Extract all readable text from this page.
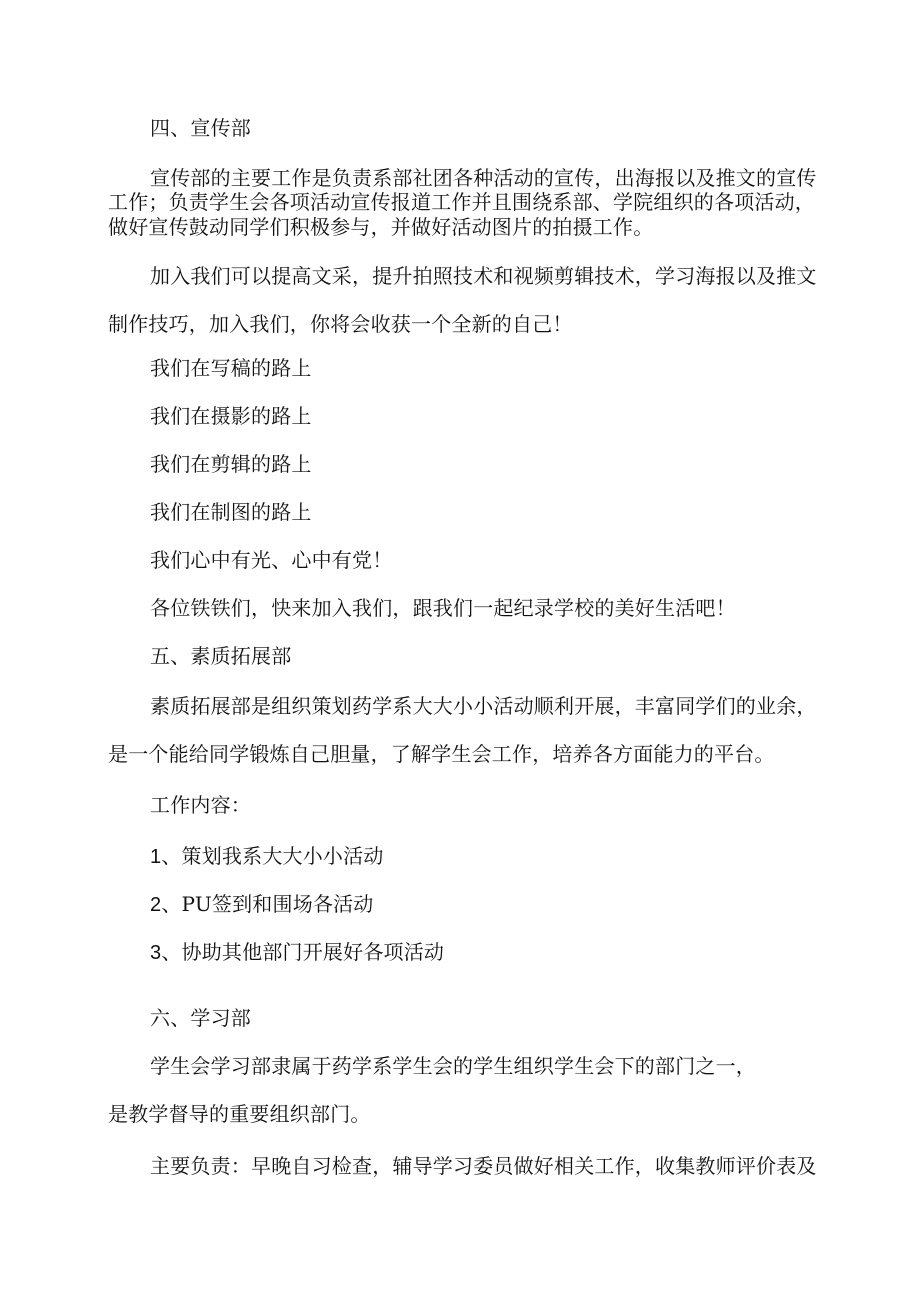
四、宣传部
宣传部的主要工作是负责系部社团各种活动的宣传，出海报以及推文的宣传
工作；负责学生会各项活动宣传报道工作并且围绕系部、学院组织的各项活动，
做好宣传鼓动同学们积极参与，并做好活动图片的拍摄工作。
加入我们可以提高文采，提升拍照技术和视频剪辑技术，学习海报以及推文
制作技巧，加入我们，你将会收获一个全新的自己！
我们在写稿的路上
我们在摄影的路上
我们在剪辑的路上
我们在制图的路上
我们心中有光、心中有党！
各位铁铁们，快来加入我们，跟我们一起纪录学校的美好生活吧！
五、素质拓展部
素质拓展部是组织策划药学系大大小小活动顺利开展，丰富同学们的业余，
是一个能给同学锻炼自己胆量，了解学生会工作，培养各方面能力的平台。
工作内容：
1、策划我系大大小小活动
2、PU签到和围场各活动
3、协助其他部门开展好各项活动
六、学习部
学生会学习部隶属于药学系学生会的学生组织学生会下的部门之一，
是教学督导的重要组织部门。
主要负责：早晚自习检查，辅导学习委员做好相关工作，收集教师评价表及
